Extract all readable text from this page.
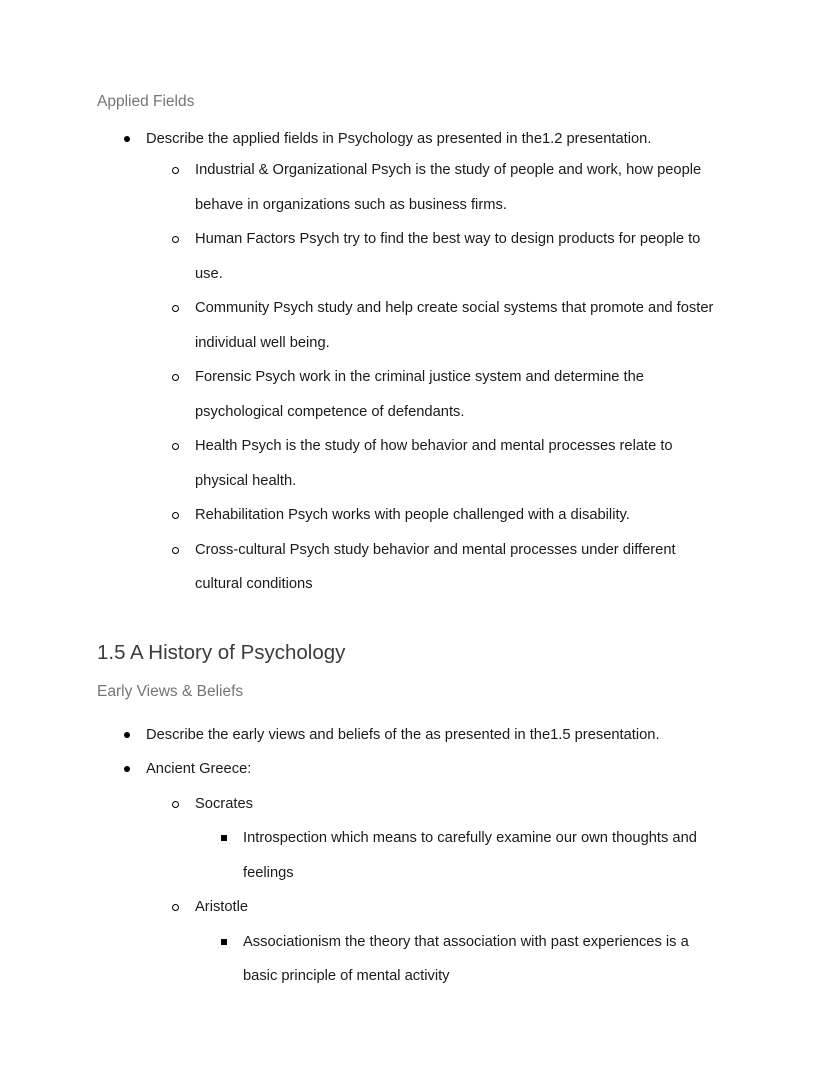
Applied Fields
Describe the applied fields in Psychology as presented in the1.2 presentation.
Industrial & Organizational Psych is the study of people and work, how people behave in organizations such as business firms.
Human Factors Psych try to find the best way to design products for people to use.
Community Psych study and help create social systems that promote and foster individual well being.
Forensic Psych work in the criminal justice system and determine the psychological competence of defendants.
Health Psych is the study of how behavior and mental processes relate to physical health.
Rehabilitation Psych works with people challenged with a disability.
Cross-cultural Psych study behavior and mental processes under different cultural conditions
1.5 A History of Psychology
Early Views & Beliefs
Describe the early views and beliefs of the as presented in the1.5 presentation.
Ancient Greece:
Socrates
Introspection which means to carefully examine our own thoughts and feelings
Aristotle
Associationism the theory that association with past experiences is a basic principle of mental activity
